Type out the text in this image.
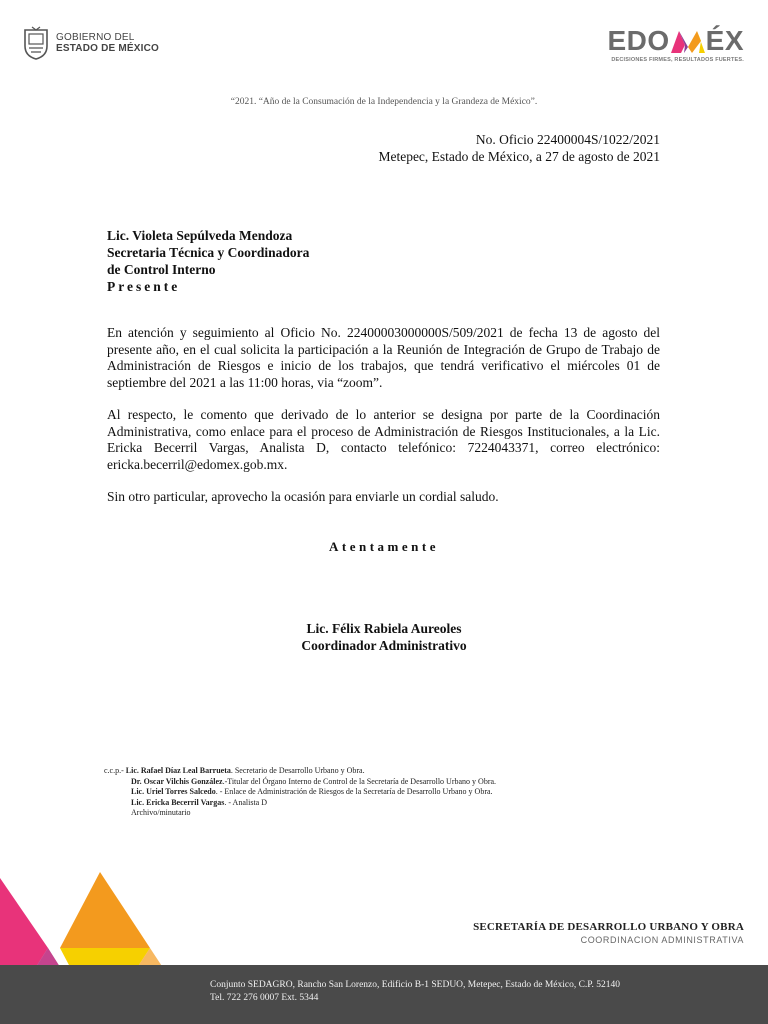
GOBIERNO DEL
ESTADO DE MÉXICO	EDO ÉX
DECISIONES FIRMES, RESULTADOS FUERTES.
“2021. “Año de la Consumación de la Independencia y la Grandeza de México”.
No. Oficio 22400004S/1022/2021
Metepec, Estado de México, a 27 de agosto de 2021
Lic. Violeta Sepúlveda Mendoza
Secretaria Técnica y Coordinadora
de Control Interno
Presente
En atención y seguimiento al Oficio No. 22400003000000S/509/2021 de fecha 13 de agosto del presente año, en el cual solicita la participación a la Reunión de Integración de Grupo de Trabajo de Administración de Riesgos e inicio de los trabajos, que tendrá verificativo el miércoles 01 de septiembre del 2021 a las 11:00 horas, via “zoom”.
Al respecto, le comento que derivado de lo anterior se designa por parte de la Coordinación Administrativa, como enlace para el proceso de Administración de Riesgos Institucionales, a la Lic. Ericka Becerril Vargas, Analista D, contacto telefónico: 7224043371, correo electrónico: ericka.becerril@edomex.gob.mx.
Sin otro particular, aprovecho la ocasión para enviarle un cordial saludo.
Atentamente
Lic. Félix Rabiela Aureoles
Coordinador Administrativo
c.c.p.- Lic. Rafael Díaz Leal Barrueta. Secretario de Desarrollo Urbano y Obra.
Dr. Oscar Vilchis González.-Titular del Órgano Interno de Control de la Secretaría de Desarrollo Urbano y Obra.
Lic. Uriel Torres Salcedo. - Enlace de Administración de Riesgos de la Secretaría de Desarrollo Urbano y Obra.
Lic. Ericka Becerril Vargas. - Analista D
Archivo/minutario
SECRETARÍA DE DESARROLLO URBANO Y OBRA
COORDINACION ADMINISTRATIVA
Conjunto SEDAGRO, Rancho San Lorenzo, Edificio B-1 SEDUO, Metepec, Estado de México, C.P. 52140
Tel. 722 276 0007 Ext. 5344
